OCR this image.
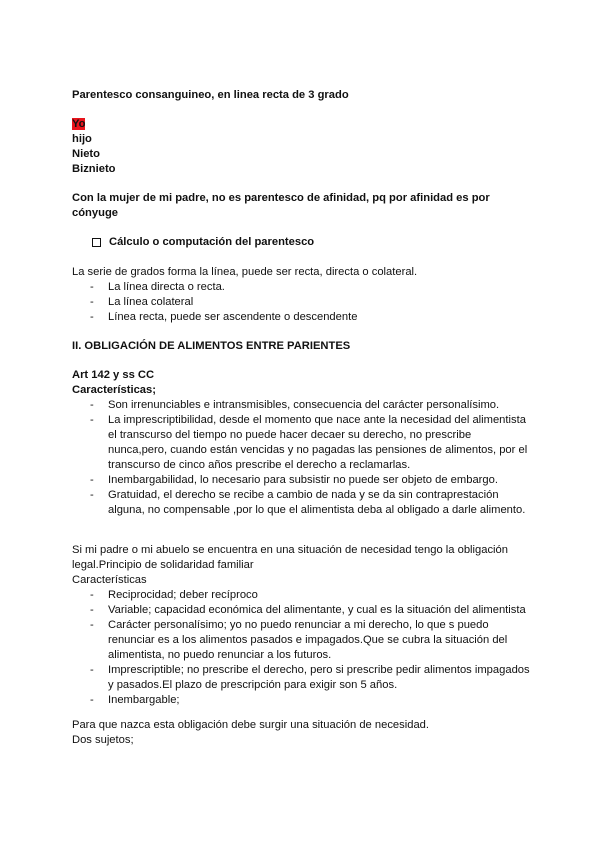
Parentesco consanguineo, en linea recta de 3 grado

Yo
hijo
Nieto
Biznieto

Con la mujer de mi padre, no es parentesco de afinidad, pq por afinidad es por cónyuge

Cálculo o computación del parentesco

La serie de grados forma la línea, puede ser recta, directa o colateral.

- La línea directa o recta.
- La línea colateral
- Línea recta, puede ser ascendente o descendente

II. OBLIGACIÓN DE ALIMENTOS ENTRE PARIENTES

Art 142 y ss CC

Características;

- Son irrenunciables e intransmisibles, consecuencia del carácter personalísimo.
- La imprescriptibilidad, desde el momento que nace ante la necesidad del alimentista el transcurso del tiempo no puede hacer decaer su derecho, no prescribe nunca,pero, cuando están vencidas y no pagadas las pensiones de alimentos, por el transcurso de cinco años prescribe el derecho a reclamarlas.
- Inembargabilidad, lo necesario para subsistir no puede ser objeto de embargo.
- Gratuidad, el derecho se recibe a cambio de nada y se da sin contraprestación alguna, no compensable ,por lo que el alimentista deba al obligado a darle alimento.

Si mi padre o mi abuelo se encuentra en una situación de necesidad tengo la obligación legal.Principio de solidaridad familiar

Características

- Reciprocidad; deber recíproco
- Variable; capacidad económica del alimentante, y cual es la situación del alimentista
- Carácter personalísimo; yo no puedo renunciar a mi derecho, lo que s puedo renunciar es a los alimentos pasados e impagados.Que se cubra la situación del alimentista, no puedo renunciar a los futuros.
- Imprescriptible; no prescribe el derecho, pero si prescribe pedir alimentos impagados y pasados.El plazo de prescripción para exigir son 5 años.
- Inembargable;

Para que nazca esta obligación debe surgir una situación de necesidad.

Dos sujetos;
